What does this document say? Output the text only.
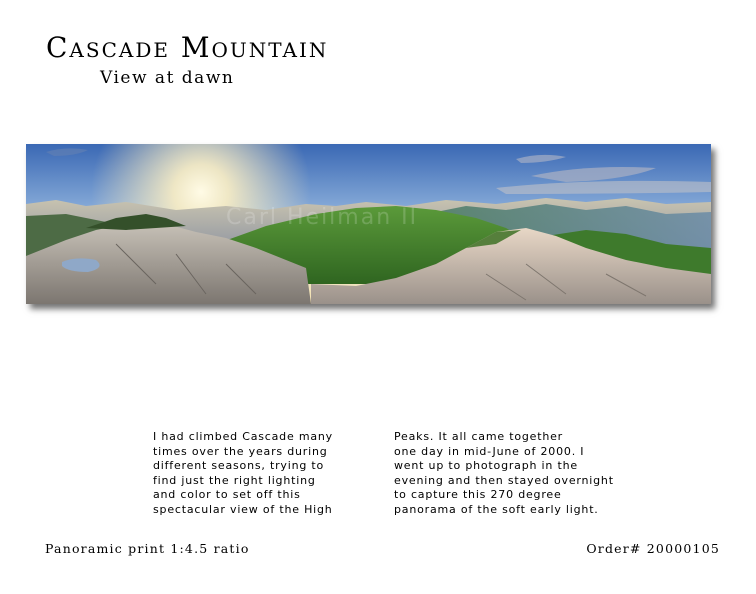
Cascade Mountain
View at dawn
Carl Heilman II
I had climbed Cascade many
times over the years during
different seasons, trying to
find just the right lighting
and color to set off this
spectacular view of the High
Peaks. It all came together
one day in mid-June of 2000. I
went up to photograph in the
evening and then stayed overnight
to capture this 270 degree
panorama of the soft early light.
Panoramic print 1:4.5 ratio	Order# 20000105
